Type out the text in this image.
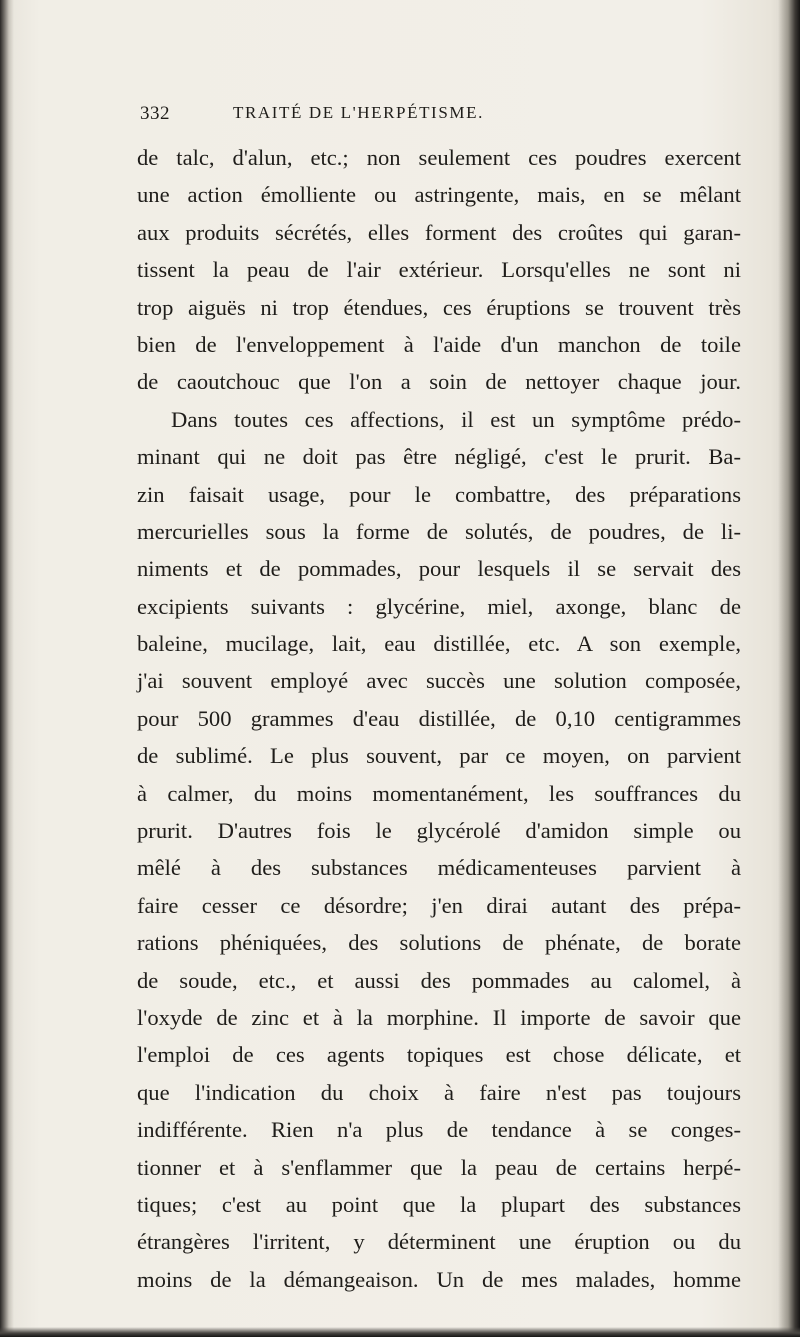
332	TRAITÉ DE L'HERPÉTISME.
de talc, d'alun, etc.; non seulement ces poudres exercent
une action émolliente ou astringente, mais, en se mêlant
aux produits sécrétés, elles forment des croûtes qui garan-
tissent la peau de l'air extérieur. Lorsqu'elles ne sont ni
trop aiguës ni trop étendues, ces éruptions se trouvent très
bien de l'enveloppement à l'aide d'un manchon de toile
de caoutchouc que l'on a soin de nettoyer chaque jour.
Dans toutes ces affections, il est un symptôme prédo-
minant qui ne doit pas être négligé, c'est le prurit. Ba-
zin faisait usage, pour le combattre, des préparations
mercurielles sous la forme de solutés, de poudres, de li-
niments et de pommades, pour lesquels il se servait des
excipients suivants : glycérine, miel, axonge, blanc de
baleine, mucilage, lait, eau distillée, etc. A son exemple,
j'ai souvent employé avec succès une solution composée,
pour 500 grammes d'eau distillée, de 0,10 centigrammes
de sublimé. Le plus souvent, par ce moyen, on parvient
à calmer, du moins momentanément, les souffrances du
prurit. D'autres fois le glycérolé d'amidon simple ou
mêlé à des substances médicamenteuses parvient à
faire cesser ce désordre; j'en dirai autant des prépa-
rations phéniquées, des solutions de phénate, de borate
de soude, etc., et aussi des pommades au calomel, à
l'oxyde de zinc et à la morphine. Il importe de savoir que
l'emploi de ces agents topiques est chose délicate, et
que l'indication du choix à faire n'est pas toujours
indifférente. Rien n'a plus de tendance à se conges-
tionner et à s'enflammer que la peau de certains herpé-
tiques; c'est au point que la plupart des substances
étrangères l'irritent, y déterminent une éruption ou du
moins de la démangeaison. Un de mes malades, homme
